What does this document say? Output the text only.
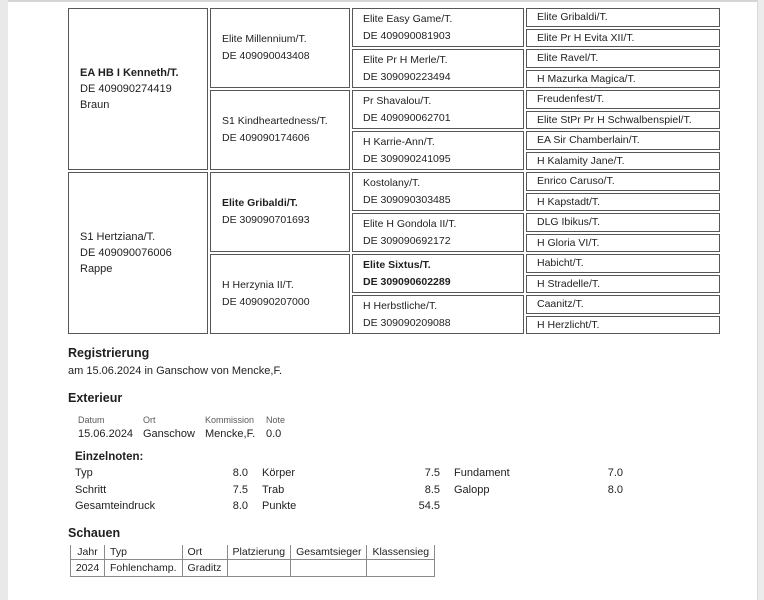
EA HB I Kenneth/T.
DE 409090274419
Braun
S1 Hertziana/T.
DE 409090076006
Rappe
Elite Millennium/T.
DE 409090043408
S1 Kindheartedness/T.
DE 409090174606
Elite Gribaldi/T.
DE 309090701693
H Herzynia II/T.
DE 409090207000
Elite Easy Game/T.
DE 409090081903
Elite Pr H Merle/T.
DE 309090223494
Pr Shavalou/T.
DE 409090062701
H Karrie-Ann/T.
DE 309090241095
Kostolany/T.
DE 309090303485
Elite H Gondola II/T.
DE 309090692172
Elite Sixtus/T.
DE 309090602289
H Herbstliche/T.
DE 309090209088
Elite Gribaldi/T.
Elite Pr H Evita XII/T.
Elite Ravel/T.
H Mazurka Magica/T.
Freudenfest/T.
Elite StPr Pr H Schwalbenspiel/T.
EA Sir Chamberlain/T.
H Kalamity Jane/T.
Enrico Caruso/T.
H Kapstadt/T.
DLG Ibikus/T.
H Gloria VI/T.
Habicht/T.
H Stradelle/T.
Caanitz/T.
H Herzlicht/T.
Registrierung
am 15.06.2024 in Ganschow von Mencke,F.
Exterieur
Datum	Ort	Kommission	Note
15.06.2024 Ganschow Mencke,F. 0.0
Einzelnoten:
Typ	8.0 Körper	7.5 Fundament	7.0
Schritt	7.5 Trab	8.5 Galopp	8.0
Gesamteindruck	8.0 Punkte	54.5
Schauen
Jahr	Typ	Ort	Platzierung	Gesamtsieger	Klassensieg
2024	Fohlenchamp.	Graditz			
